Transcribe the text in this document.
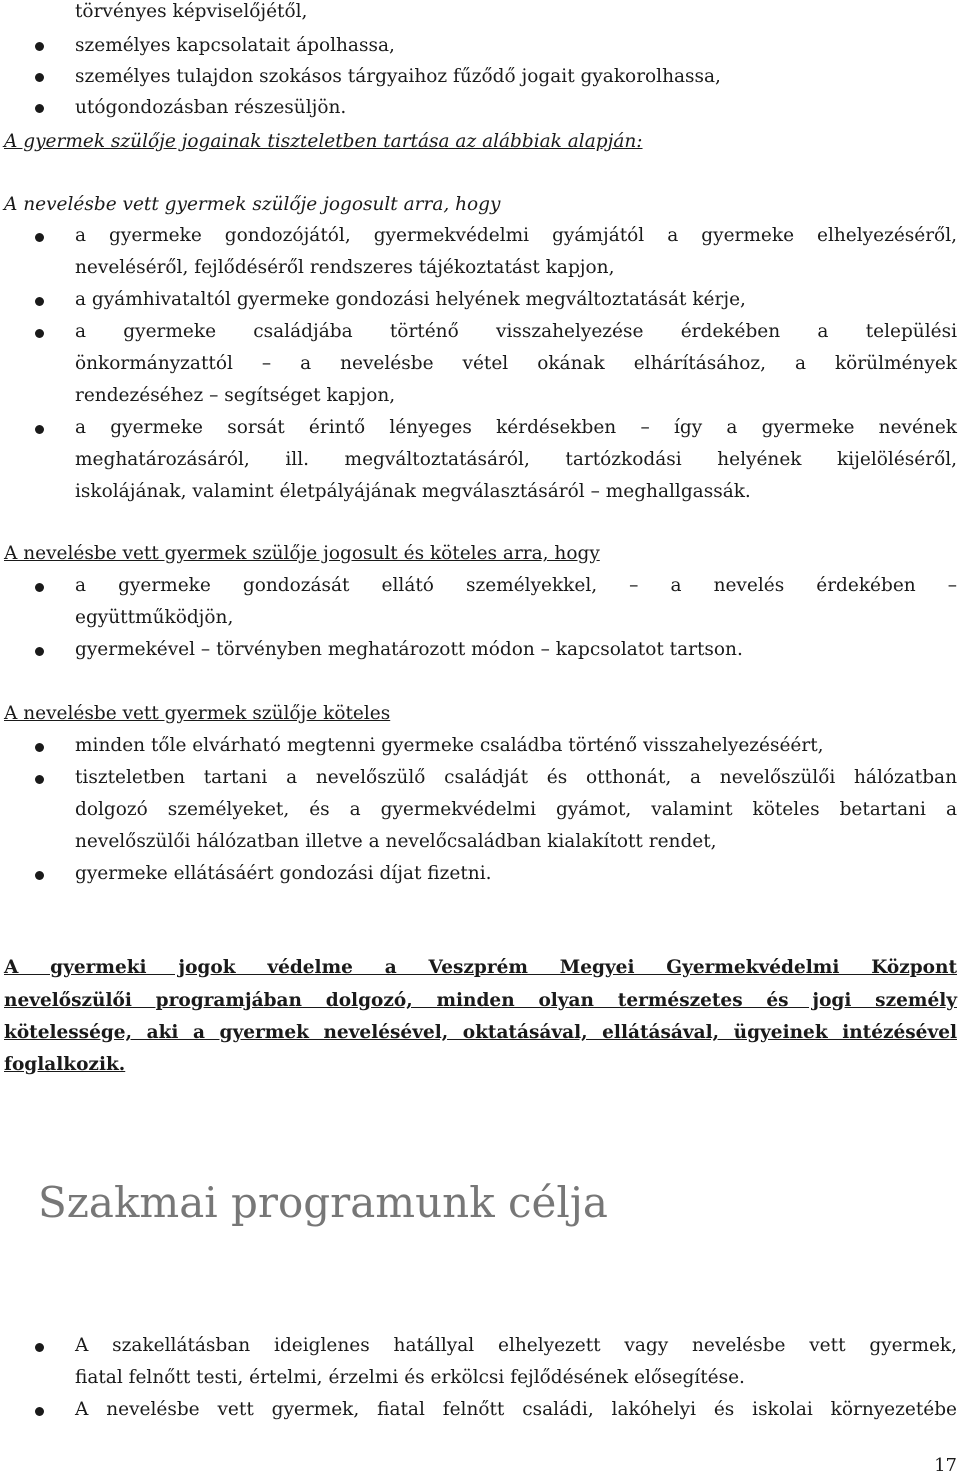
törvényes képviselőjétől,
személyes kapcsolatait ápolhassa,
személyes tulajdon szokásos tárgyaihoz fűződő jogait gyakorolhassa,
utógondozásban részesüljön.
A gyermek szülője jogainak tiszteletben tartása az alábbiak alapján:
A nevelésbe vett gyermek szülője jogosult arra, hogy
a gyermeke gondozójától, gyermekvédelmi gyámjától a gyermeke elhelyezéséről,
neveléséről, fejlődéséről rendszeres tájékoztatást kapjon,
a gyámhivataltól gyermeke gondozási helyének megváltoztatását kérje,
a gyermeke családjába történő visszahelyezése érdekében a települési
önkormányzattól – a nevelésbe vétel okának elhárításához, a körülmények
rendezéséhez – segítséget kapjon,
a gyermeke sorsát érintő lényeges kérdésekben – így a gyermeke nevének
meghatározásáról, ill. megváltoztatásáról, tartózkodási helyének kijelöléséről,
iskolájának, valamint életpályájának megválasztásáról – meghallgassák.
A nevelésbe vett gyermek szülője jogosult és köteles arra, hogy
a gyermeke gondozását ellátó személyekkel, – a nevelés érdekében –
együttműködjön,
gyermekével – törvényben meghatározott módon – kapcsolatot tartson.
A nevelésbe vett gyermek szülője köteles
minden tőle elvárható megtenni gyermeke családba történő visszahelyezéséért,
tiszteletben tartani a nevelőszülő családját és otthonát, a nevelőszülői hálózatban
dolgozó személyeket, és a gyermekvédelmi gyámot, valamint köteles betartani a
nevelőszülői hálózatban illetve a nevelőcsaládban kialakított rendet,
gyermeke ellátásáért gondozási díjat fizetni.
A gyermeki jogok védelme a Veszprém Megyei Gyermekvédelmi Központ
nevelőszülői programjában dolgozó, minden olyan természetes és jogi személy
kötelessége, aki a gyermek nevelésével, oktatásával, ellátásával, ügyeinek intézésével
foglalkozik.
Szakmai programunk célja
A szakellátásban ideiglenes hatállyal elhelyezett vagy nevelésbe vett gyermek,
fiatal felnőtt testi, értelmi, érzelmi és erkölcsi fejlődésének elősegítése.
A nevelésbe vett gyermek, fiatal felnőtt családi, lakóhelyi és iskolai környezetébe
17
